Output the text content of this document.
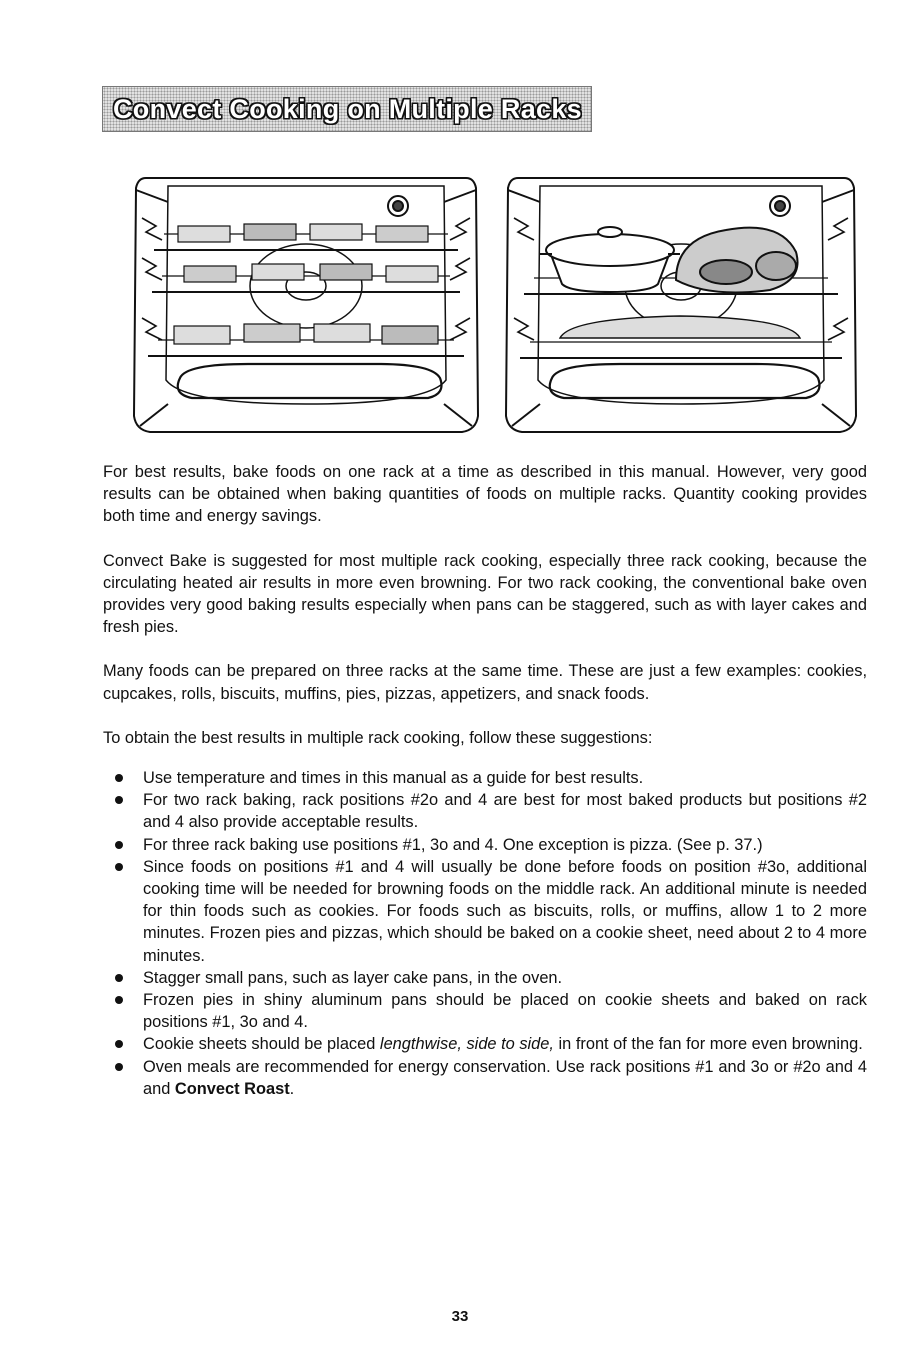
Convect Cooking on Multiple Racks

For best results, bake foods on one rack at a time as described in this manual. However, very good results can be obtained when baking quantities of foods on multiple racks. Quantity cooking provides both time and energy savings.

Convect Bake is suggested for most multiple rack cooking, especially three rack cooking, because the circulating heated air results in more even browning. For two rack cooking, the conventional bake oven provides very good baking results especially when pans can be staggered, such as with layer cakes and fresh pies.

Many foods can be prepared on three racks at the same time. These are just a few examples: cookies, cupcakes, rolls, biscuits, muffins, pies, pizzas, appetizers, and snack foods.

To obtain the best results in multiple rack cooking, follow these suggestions:

Use temperature and times in this manual as a guide for best results.
For two rack baking, rack positions #2o and 4 are best for most baked products but positions #2 and 4 also provide acceptable results.
For three rack baking use positions #1, 3o and 4. One exception is pizza. (See p. 37.)
Since foods on positions #1 and 4 will usually be done before foods on position #3o, additional cooking time will be needed for browning foods on the middle rack. An additional minute is needed for thin foods such as cookies. For foods such as biscuits, rolls, or muffins, allow 1 to 2 more minutes. Frozen pies and pizzas, which should be baked on a cookie sheet, need about 2 to 4 more minutes.
Stagger small pans, such as layer cake pans, in the oven.
Frozen pies in shiny aluminum pans should be placed on cookie sheets and baked on rack positions #1, 3o and 4.
Cookie sheets should be placed lengthwise, side to side, in front of the fan for more even browning.
Oven meals are recommended for energy conservation. Use rack positions #1 and 3o or #2o and 4 and Convect Roast.
33
